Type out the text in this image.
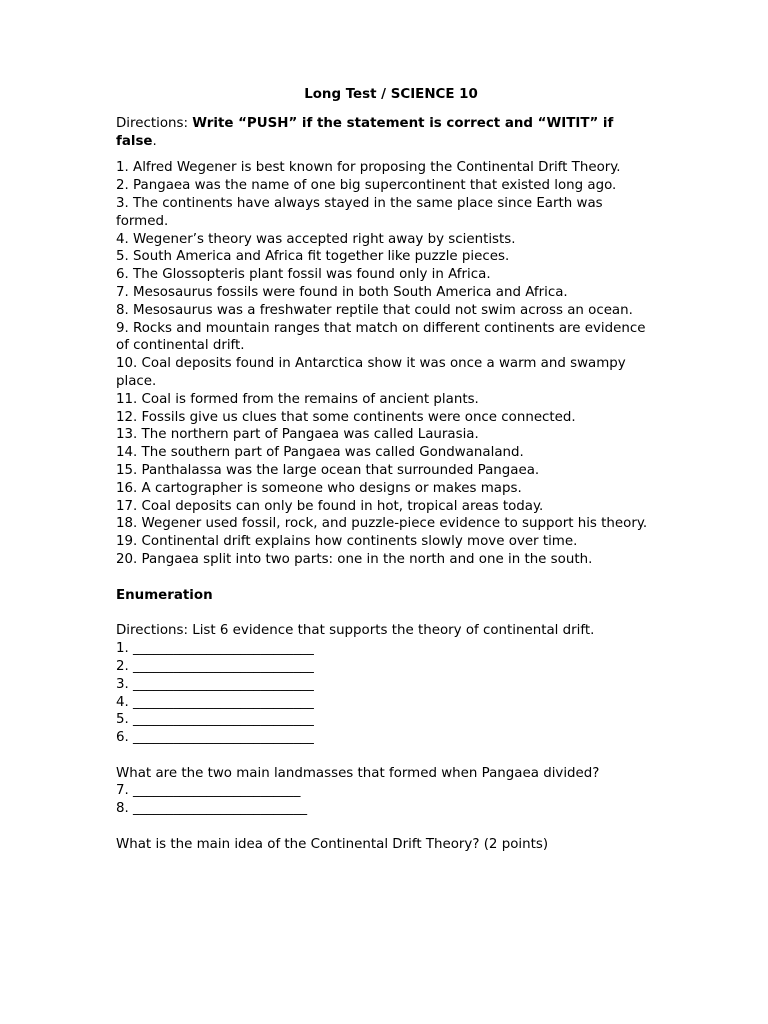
Long Test / SCIENCE 10

Directions: Write “PUSH” if the statement is correct and “WITIT” if false.

1. Alfred Wegener is best known for proposing the Continental Drift Theory.

2. Pangaea was the name of one big supercontinent that existed long ago.

3. The continents have always stayed in the same place since Earth was formed.

4. Wegener’s theory was accepted right away by scientists.

5. South America and Africa fit together like puzzle pieces.

6. The Glossopteris plant fossil was found only in Africa.

7. Mesosaurus fossils were found in both South America and Africa.

8. Mesosaurus was a freshwater reptile that could not swim across an ocean.

9. Rocks and mountain ranges that match on different continents are evidence of continental drift.

10. Coal deposits found in Antarctica show it was once a warm and swampy place.

11. Coal is formed from the remains of ancient plants.

12. Fossils give us clues that some continents were once connected.

13. The northern part of Pangaea was called Laurasia.

14. The southern part of Pangaea was called Gondwanaland.

15. Panthalassa was the large ocean that surrounded Pangaea.

16. A cartographer is someone who designs or makes maps.

17. Coal deposits can only be found in hot, tropical areas today.

18. Wegener used fossil, rock, and puzzle-piece evidence to support his theory.

19. Continental drift explains how continents slowly move over time.

20. Pangaea split into two parts: one in the north and one in the south.

Enumeration

Directions: List 6 evidence that supports the theory of continental drift.

1. ___________________________

2. ___________________________

3. ___________________________

4. ___________________________

5. ___________________________

6. ___________________________

What are the two main landmasses that formed when Pangaea divided?

7. _________________________

8. __________________________

What is the main idea of the Continental Drift Theory? (2 points)
